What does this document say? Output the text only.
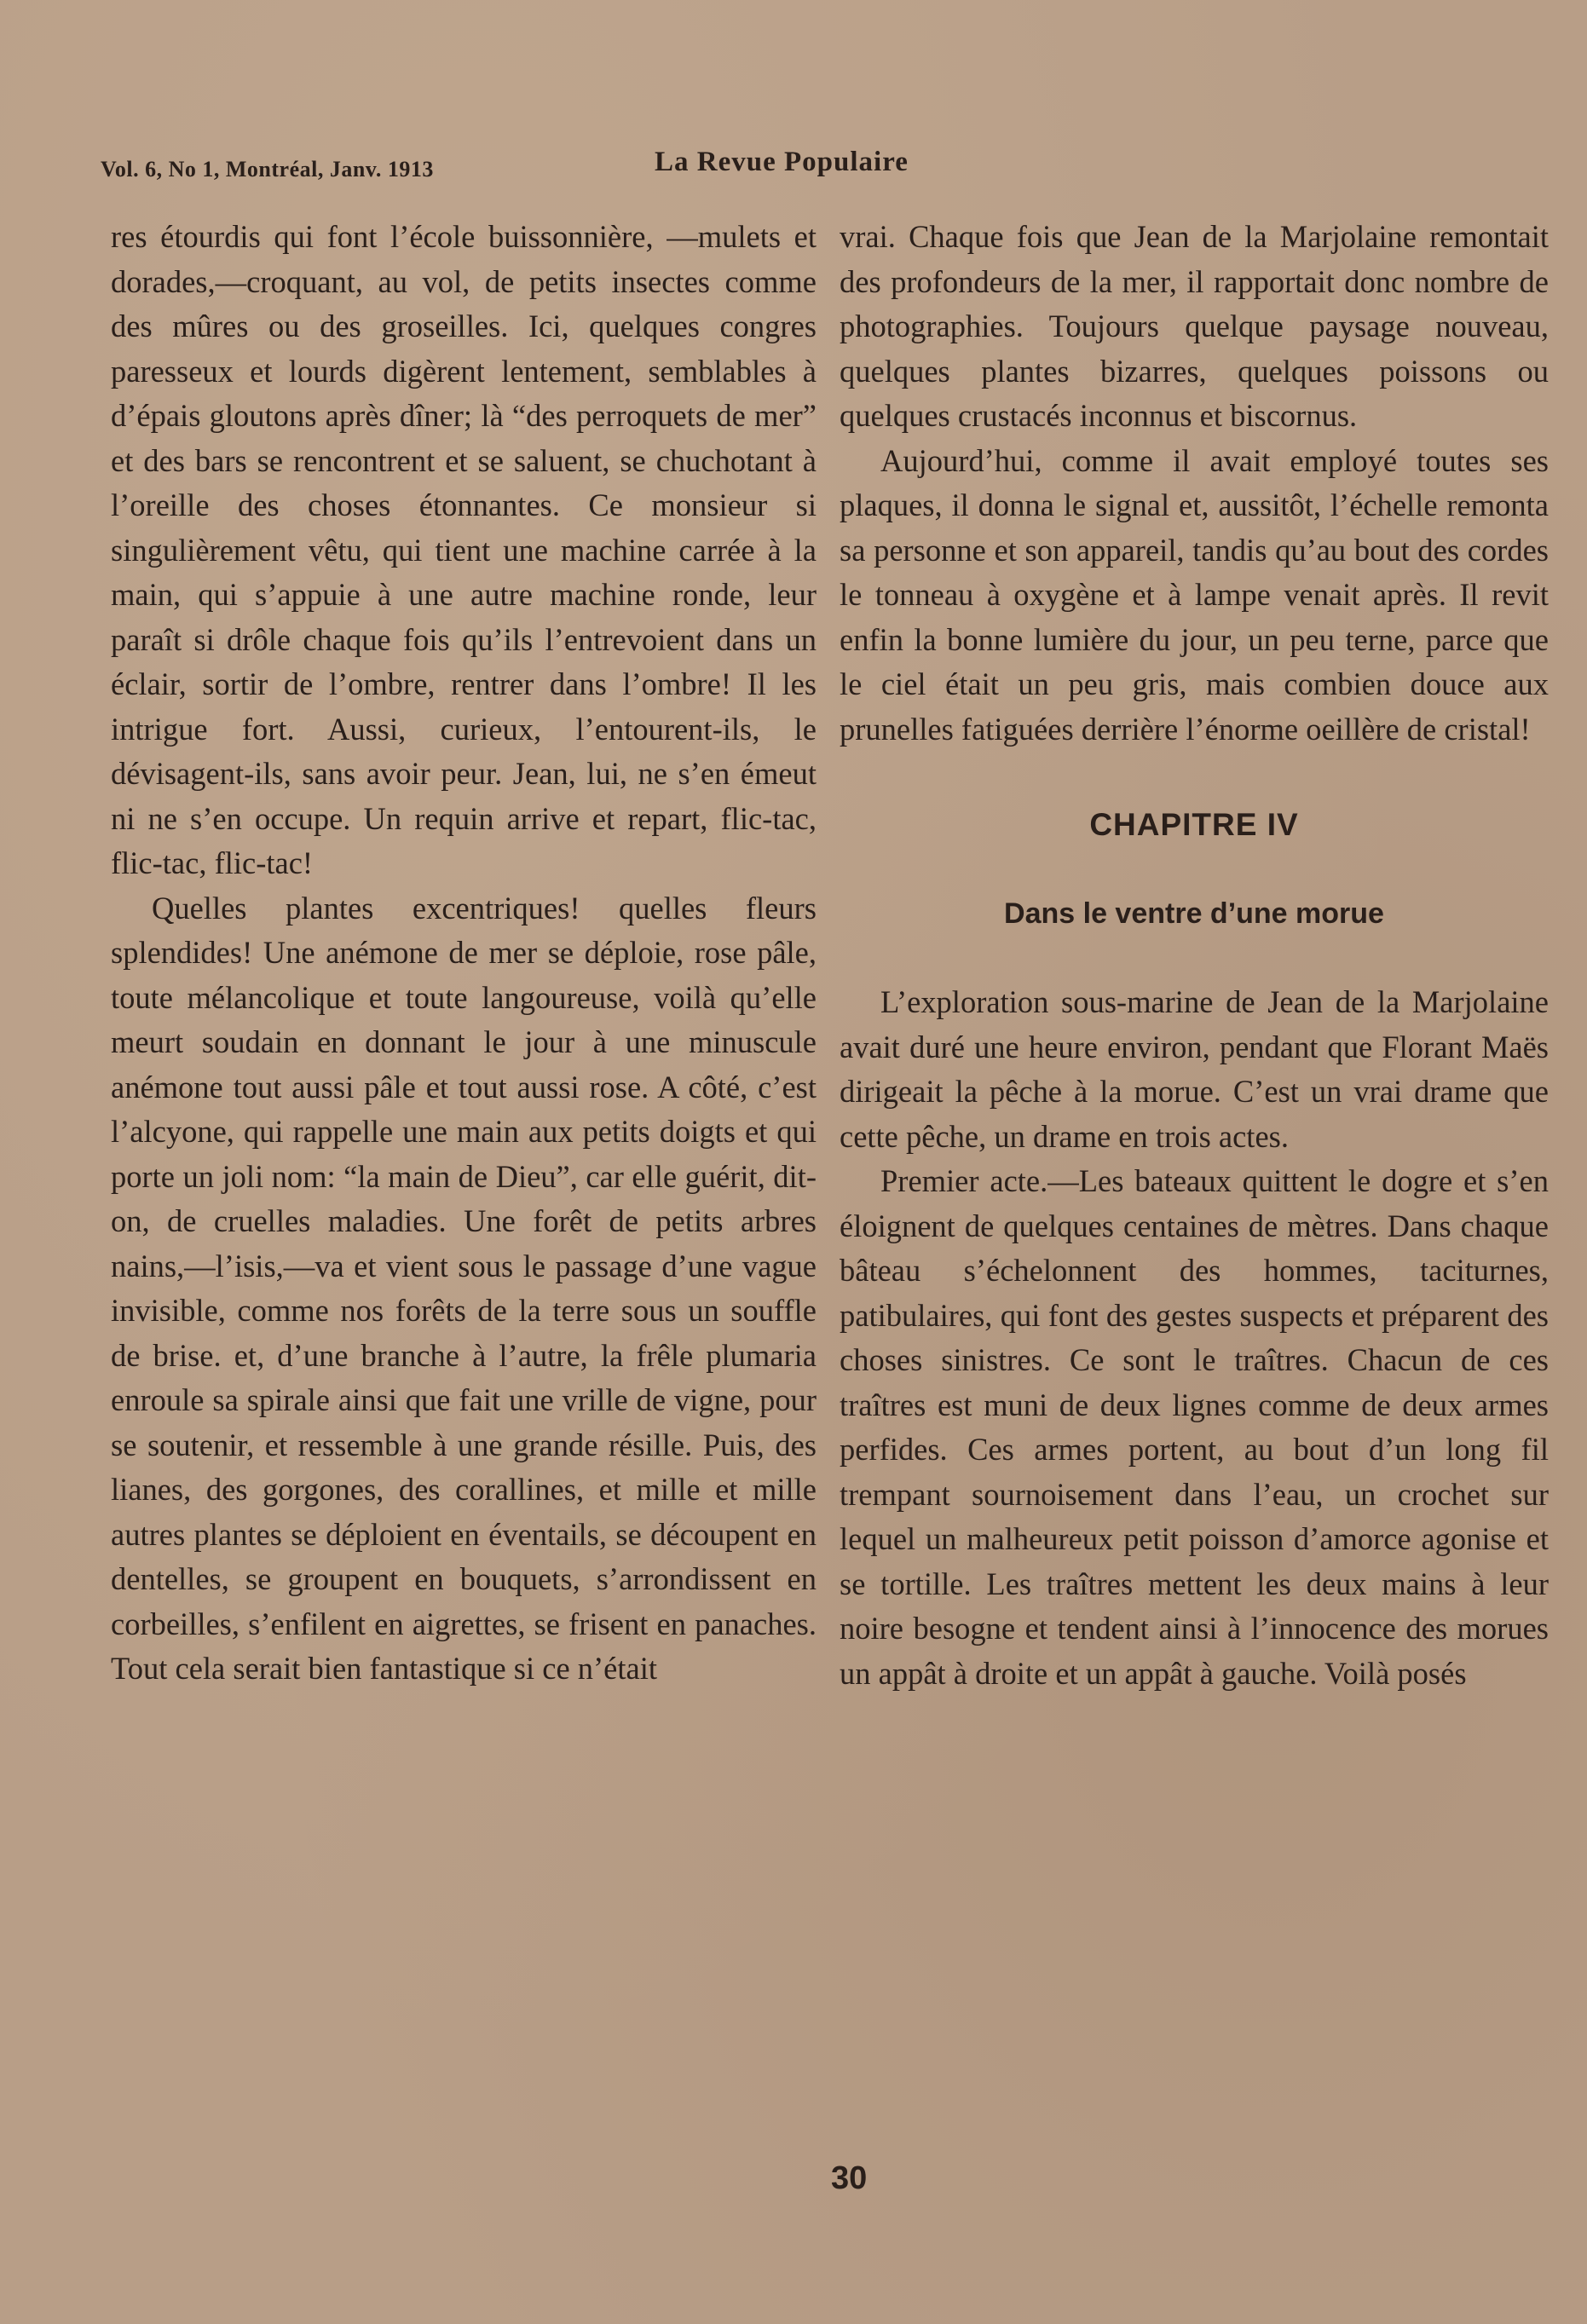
Vol. 6, No 1, Montréal, Janv. 1913	La Revue Populaire

res étourdis qui font l’école buissonnière, —mulets et dorades,—croquant, au vol, de petits insectes comme des mûres ou des groseilles. Ici, quelques congres paresseux et lourds digèrent lentement, semblables à d’épais gloutons après dîner; là “des perroquets de mer” et des bars se rencontrent et se saluent, se chuchotant à l’oreille des choses étonnantes. Ce monsieur si singulièrement vêtu, qui tient une machine carrée à la main, qui s’appuie à une autre machine ronde, leur paraît si drôle chaque fois qu’ils l’entrevoient dans un éclair, sortir de l’ombre, rentrer dans l’ombre! Il les intrigue fort. Aussi, curieux, l’entourent-ils, le dévisagent-ils, sans avoir peur. Jean, lui, ne s’en émeut ni ne s’en occupe. Un requin arrive et repart, flic-tac, flic-tac, flic-tac!

Quelles plantes excentriques! quelles fleurs splendides! Une anémone de mer se déploie, rose pâle, toute mélancolique et toute langoureuse, voilà qu’elle meurt soudain en donnant le jour à une minuscule anémone tout aussi pâle et tout aussi rose. A côté, c’est l’alcyone, qui rappelle une main aux petits doigts et qui porte un joli nom: “la main de Dieu”, car elle guérit, dit-on, de cruelles maladies. Une forêt de petits arbres nains,—l’isis,—va et vient sous le passage d’une vague invisible, comme nos forêts de la terre sous un souffle de brise. et, d’une branche à l’autre, la frêle plumaria enroule sa spirale ainsi que fait une vrille de vigne, pour se soutenir, et ressemble à une grande résille. Puis, des lianes, des gorgones, des corallines, et mille et mille autres plantes se déploient en éventails, se découpent en dentelles, se groupent en bouquets, s’arrondissent en corbeilles, s’enfilent en aigrettes, se frisent en panaches. Tout cela serait bien fantastique si ce n’était

vrai. Chaque fois que Jean de la Marjolaine remontait des profondeurs de la mer, il rapportait donc nombre de photographies. Toujours quelque paysage nouveau, quelques plantes bizarres, quelques poissons ou quelques crustacés inconnus et biscornus.

Aujourd’hui, comme il avait employé toutes ses plaques, il donna le signal et, aussitôt, l’échelle remonta sa personne et son appareil, tandis qu’au bout des cordes le tonneau à oxygène et à lampe venait après. Il revit enfin la bonne lumière du jour, un peu terne, parce que le ciel était un peu gris, mais combien douce aux prunelles fatiguées derrière l’énorme oeillère de cristal!

CHAPITRE IV
Dans le ventre d’une morue

L’exploration sous-marine de Jean de la Marjolaine avait duré une heure environ, pendant que Florant Maës dirigeait la pêche à la morue. C’est un vrai drame que cette pêche, un drame en trois actes.

Premier acte.—Les bateaux quittent le dogre et s’en éloignent de quelques centaines de mètres. Dans chaque bâteau s’échelonnent des hommes, taciturnes, patibulaires, qui font des gestes suspects et préparent des choses sinistres. Ce sont le traîtres. Chacun de ces traîtres est muni de deux lignes comme de deux armes perfides. Ces armes portent, au bout d’un long fil trempant sournoisement dans l’eau, un crochet sur lequel un malheureux petit poisson d’amorce agonise et se tortille. Les traîtres mettent les deux mains à leur noire besogne et tendent ainsi à l’innocence des morues un appât à droite et un appât à gauche. Voilà posés

30
